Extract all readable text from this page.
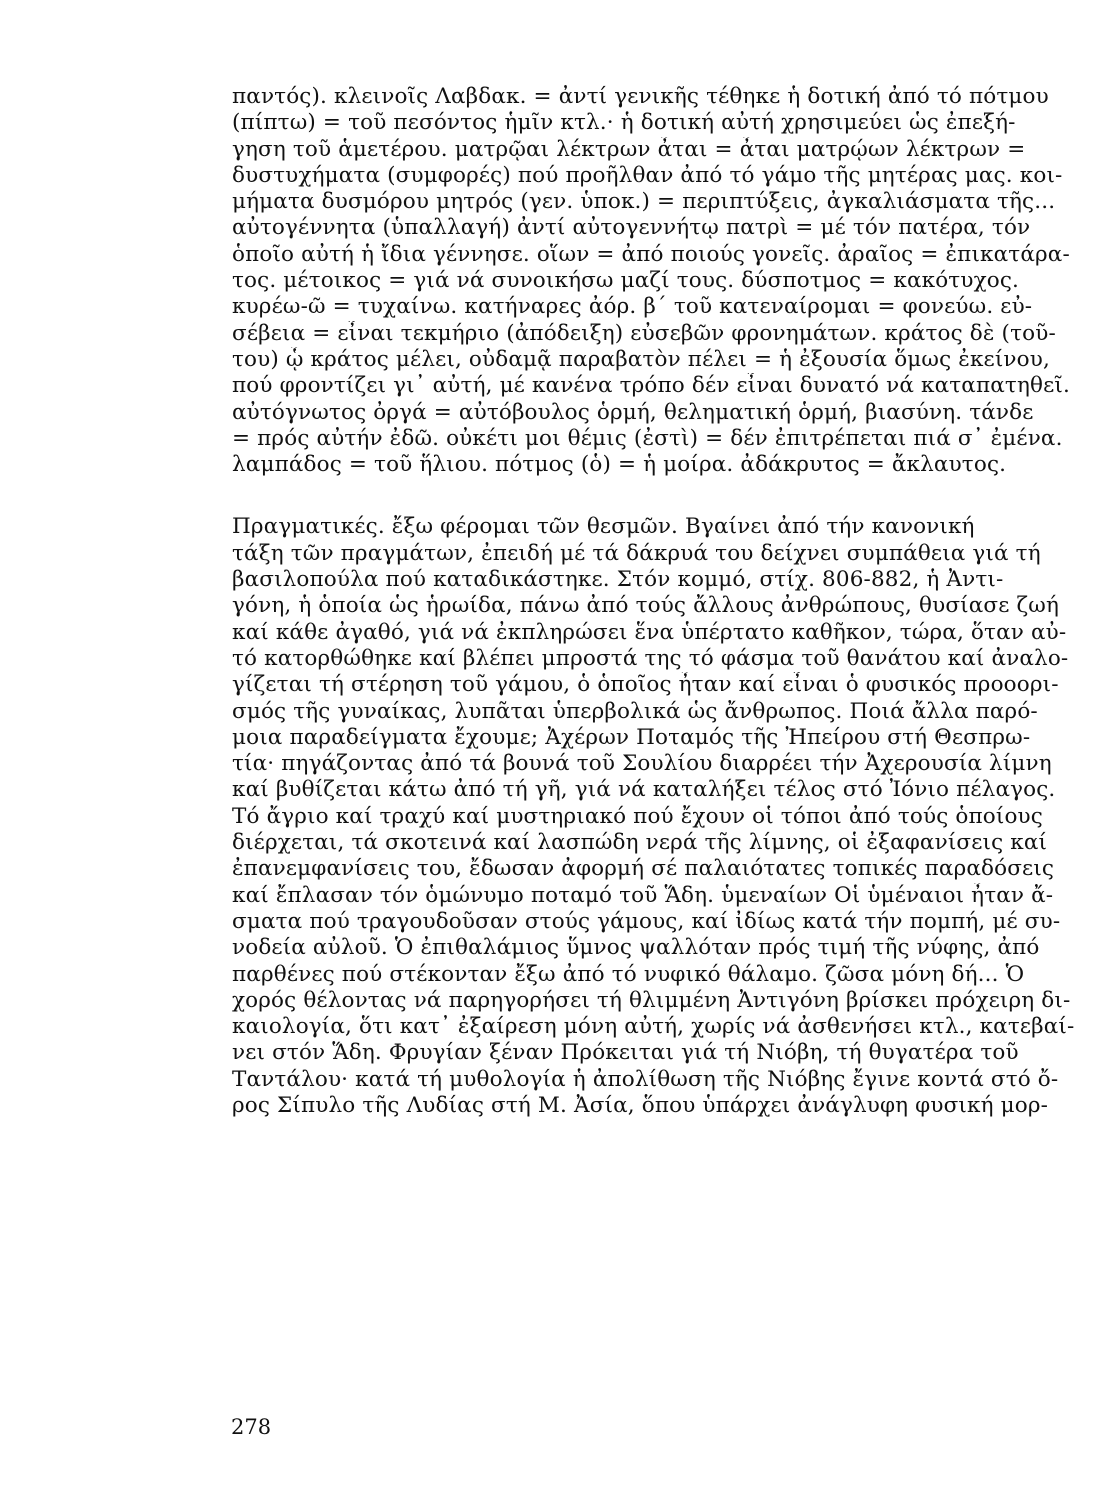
παντός). κλεινοῖς Λαβδακ. = ἀντί γενικῆς τέθηκε ἡ δοτική ἀπό τό πότμου
(πίπτω) = τοῦ πεσόντος ἡμῖν κτλ.· ἡ δοτική αὐτή χρησιμεύει ὡς ἐπεξή-
γηση τοῦ ἁμετέρου. ματρῷαι λέκτρων ἆται = ἆται ματρῴων λέκτρων =
δυστυχήματα (συμφορές) πού προῆλθαν ἀπό τό γάμο τῆς μητέρας μας. κοι-
μήματα δυσμόρου μητρός (γεν. ὑποκ.) = περιπτύξεις, ἀγκαλιάσματα τῆς...
αὐτογέννητα (ὑπαλλαγή) ἀντί αὐτογεννήτῳ πατρὶ = μέ τόν πατέρα, τόν
ὁποῖο αὐτή ἡ ἴδια γέννησε. οἵων = ἀπό ποιούς γονεῖς. ἀραῖος = ἐπικατάρα-
τος. μέτοικος = γιά νά συνοικήσω μαζί τους. δύσποτμος = κακότυχος.
κυρέω-ῶ = τυχαίνω. κατήναρες ἀόρ. β΄ τοῦ κατεναίρομαι = φονεύω. εὐ-
σέβεια = εἶναι τεκμήριο (ἀπόδειξη) εὐσεβῶν φρονημάτων. κράτος δὲ (τοῦ-
του) ᾧ κράτος μέλει, οὐδαμᾷ παραβατὸν πέλει = ἡ ἐξουσία ὅμως ἐκείνου,
πού φροντίζει γι᾽ αὐτή, μέ κανένα τρόπο δέν εἶναι δυνατό νά καταπατηθεῖ.
αὐτόγνωτος ὀργά = αὐτόβουλος ὁρμή, θεληματική ὁρμή, βιασύνη. τάνδε
= πρός αὐτήν ἐδῶ. οὐκέτι μοι θέμις (ἐστὶ) = δέν ἐπιτρέπεται πιά σ᾽ ἐμένα.
λαμπάδος = τοῦ ἥλιου. πότμος (ὁ) = ἡ μοίρα. ἀδάκρυτος = ἄκλαυτος.
Πραγματικές. ἔξω φέρομαι τῶν θεσμῶν. Βγαίνει ἀπό τήν κανονική
τάξη τῶν πραγμάτων, ἐπειδή μέ τά δάκρυά του δείχνει συμπάθεια γιά τή
βασιλοπούλα πού καταδικάστηκε. Στόν κομμό, στίχ. 806-882, ἡ Ἀντι-
γόνη, ἡ ὁποία ὡς ἡρωίδα, πάνω ἀπό τούς ἄλλους ἀνθρώπους, θυσίασε ζωή
καί κάθε ἀγαθό, γιά νά ἐκπληρώσει ἕνα ὑπέρτατο καθῆκον, τώρα, ὅταν αὐ-
τό κατορθώθηκε καί βλέπει μπροστά της τό φάσμα τοῦ θανάτου καί ἀναλο-
γίζεται τή στέρηση τοῦ γάμου, ὁ ὁποῖος ἦταν καί εἶναι ὁ φυσικός προοορι-
σμός τῆς γυναίκας, λυπᾶται ὑπερβολικά ὡς ἄνθρωπος. Ποιά ἄλλα παρό-
μοια παραδείγματα ἔχουμε; Ἀχέρων Ποταμός τῆς Ἠπείρου στή Θεσπρω-
τία· πηγάζοντας ἀπό τά βουνά τοῦ Σουλίου διαρρέει τήν Ἀχερουσία λίμνη
καί βυθίζεται κάτω ἀπό τή γῆ, γιά νά καταλήξει τέλος στό Ἰόνιο πέλαγος.
Τό ἄγριο καί τραχύ καί μυστηριακό πού ἔχουν οἱ τόποι ἀπό τούς ὁποίους
διέρχεται, τά σκοτεινά καί λασπώδη νερά τῆς λίμνης, οἱ ἐξαφανίσεις καί
ἐπανεμφανίσεις του, ἔδωσαν ἀφορμή σέ παλαιότατες τοπικές παραδόσεις
καί ἔπλασαν τόν ὁμώνυμο ποταμό τοῦ Ἅδη. ὑμεναίων Οἱ ὑμέναιοι ἦταν ἄ-
σματα πού τραγουδοῦσαν στούς γάμους, καί ἰδίως κατά τήν πομπή, μέ συ-
νοδεία αὐλοῦ. Ὁ ἐπιθαλάμιος ὕμνος ψαλλόταν πρός τιμή τῆς νύφης, ἀπό
παρθένες πού στέκονταν ἔξω ἀπό τό νυφικό θάλαμο. ζῶσα μόνη δή... Ὁ
χορός θέλοντας νά παρηγορήσει τή θλιμμένη Ἀντιγόνη βρίσκει πρόχειρη δι-
καιολογία, ὅτι κατ᾽ ἐξαίρεση μόνη αὐτή, χωρίς νά ἀσθενήσει κτλ., κατεβαί-
νει στόν Ἅδη. Φρυγίαν ξέναν Πρόκειται γιά τή Νιόβη, τή θυγατέρα τοῦ
Ταντάλου· κατά τή μυθολογία ἡ ἀπολίθωση τῆς Νιόβης ἔγινε κοντά στό ὄ-
ρος Σίπυλο τῆς Λυδίας στή Μ. Ἀσία, ὅπου ὑπάρχει ἀνάγλυφη φυσική μορ-
278
